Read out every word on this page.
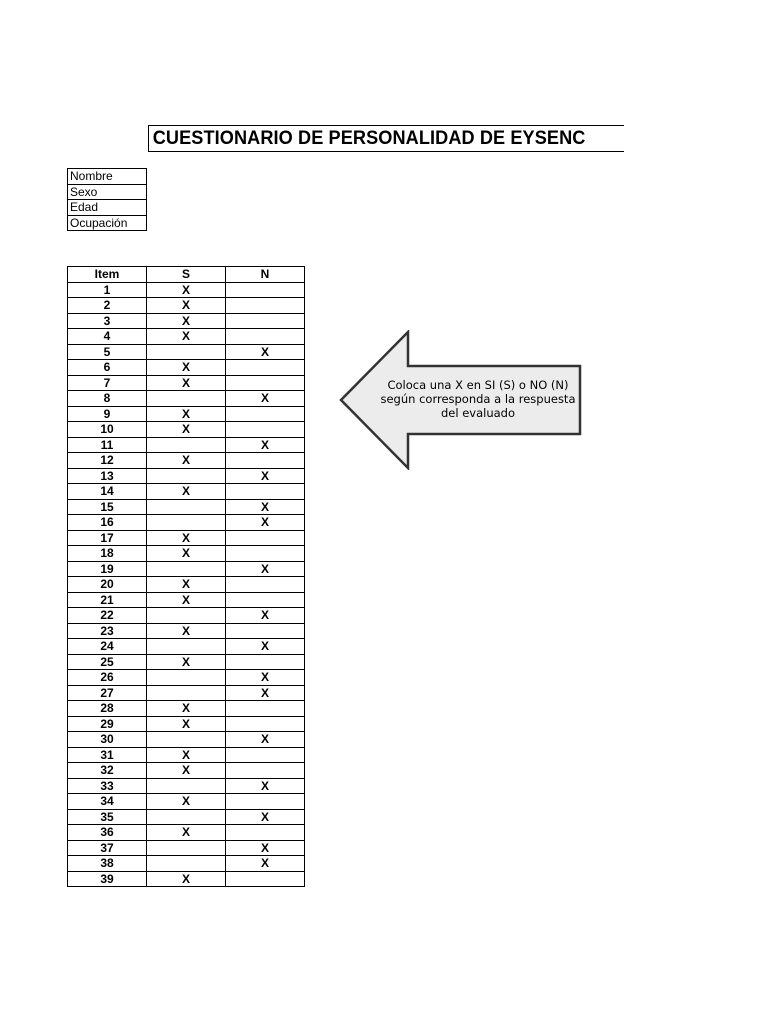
CUESTIONARIO DE PERSONALIDAD DE EYSENC
Nombre
Sexo
Edad
Ocupación
Item	S	N
1	X	
2	X	
3	X	
4	X	
5		X
6	X	
7	X	
8		X
9	X	
10	X	
11		X
12	X	
13		X
14	X	
15		X
16		X
17	X	
18	X	
19		X
20	X	
21	X	
22		X
23	X	
24		X
25	X	
26		X
27		X
28	X	
29	X	
30		X
31	X	
32	X	
33		X
34	X	
35		X
36	X	
37		X
38		X
39	X	
Coloca una X en SI (S) o NO (N)
según corresponda a la respuesta
del evaluado
